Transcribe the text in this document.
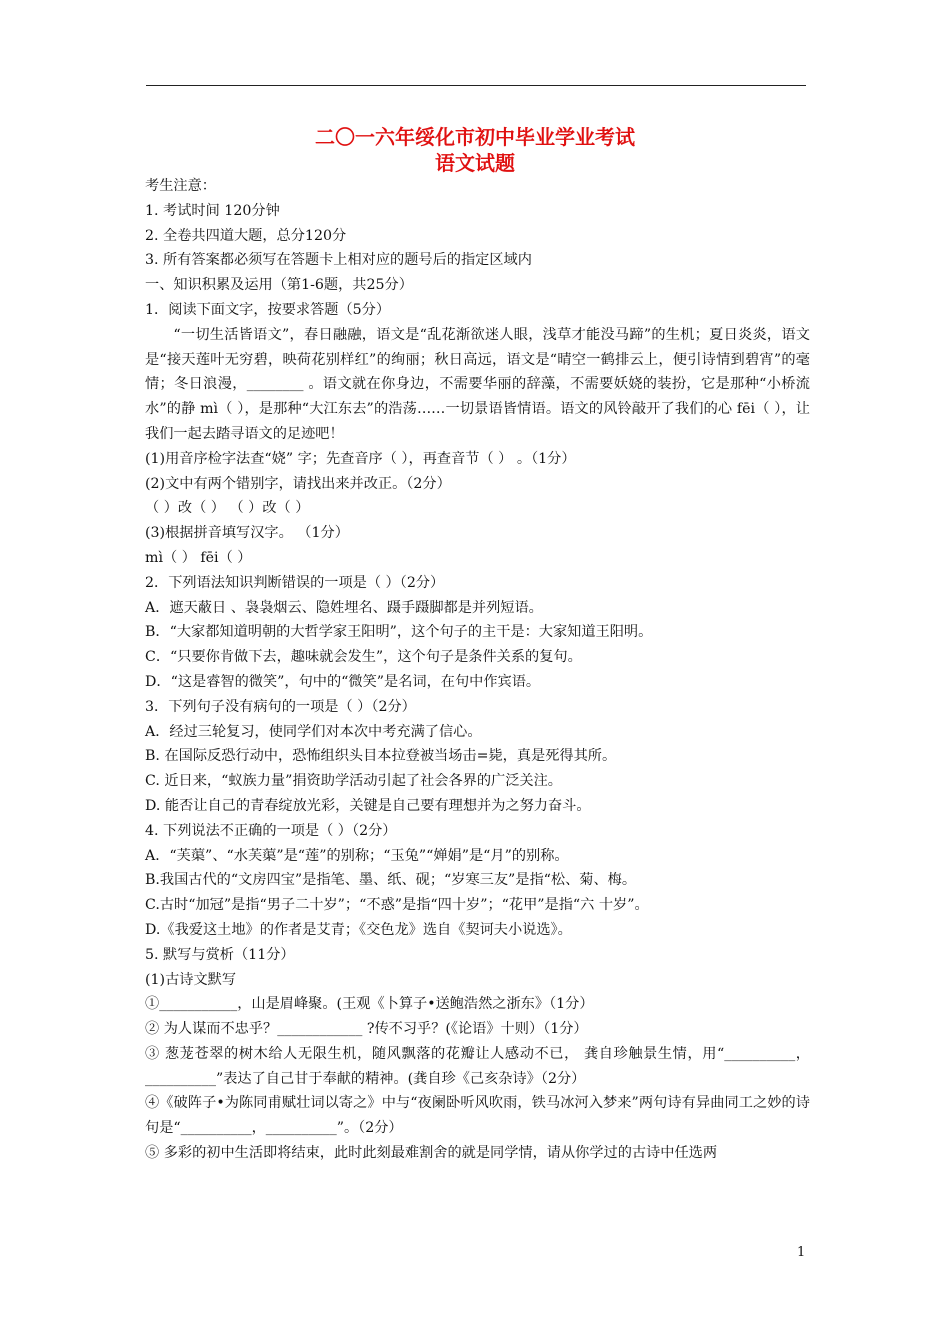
二〇一六年绥化市初中毕业学业考试
语文试题

考生注意：

1. 考试时间 120分钟

2. 全卷共四道大题，总分120分

3. 所有答案都必须写在答题卡上相对应的题号后的指定区域内

一、知识积累及运用（第1-6题，共25分）

1．阅读下面文字，按要求答题（5分）

“一切生活皆语文”，春日融融，语文是“乱花渐欲迷人眼，浅草才能没马蹄”的生机；夏日炎炎，语文是“接天莲叶无穷碧，映荷花别样红”的绚丽；秋日高远，语文是“晴空一鹤排云上，便引诗情到碧宵”的毫情；冬日浪漫，________ 。语文就在你身边，不需要华丽的辞藻，不需要妖娆的装扮，它是那种“小桥流水”的静 mì（ ），是那种“大江东去”的浩荡……一切景语皆情语。语文的风铃敲开了我们的心 fēi（ ），让我们一起去踏寻语文的足迹吧！

(1)用音序检字法查“娆” 字；先查音序（ ），再查音节（ ） 。（1分）

(2)文中有两个错别字，请找出来并改正。（2分）

（ ）改（ ） （ ）改（ ）

(3)根据拼音填写汉字。 （1分）

mì（ ） fēi（ ）

2．下列语法知识判断错误的一项是（ ）（2分）

A．遮天蔽日 、袅袅烟云、隐姓埋名、蹑手蹑脚都是并列短语。

B．“大家都知道明朝的大哲学家王阳明”，这个句子的主干是：大家知道王阳明。

C．“只要你肯做下去，趣味就会发生”，这个句子是条件关系的复句。

D．“这是睿智的微笑”，句中的“微笑”是名词，在句中作宾语。

3．下列句子没有病句的一项是（ ）（2分）

A．经过三轮复习，使同学们对本次中考充满了信心。

B. 在国际反恐行动中，恐怖组织头目本拉登被当场击=毙，真是死得其所。

C. 近日来，“蚁族力量”捐资助学活动引起了社会各界的广泛关注。

D. 能否让自己的青春绽放光彩，关键是自己要有理想并为之努力奋斗。

4. 下列说法不正确的一项是（ ）（2分）

A．“芙蕖”、“水芙蕖”是“莲”的别称；“玉兔”“婵娟”是“月”的别称。

B.我国古代的“文房四宝”是指笔、墨、纸、砚；“岁寒三友”是指“松、菊、梅。

C.古时“加冠”是指“男子二十岁”；“不惑”是指“四十岁”；“花甲”是指“六 十岁”。

D.《我爱这土地》的作者是艾青；《交色龙》选自《契诃夫小说选》。

5. 默写与赏析（11分）

(1)古诗文默写

①___________，山是眉峰聚。(王观《卜算子•送鲍浩然之浙东》（1分）

② 为人谋而不忠乎？____________ ?传不习乎？(《论语》十则）（1分）

③ 葱茏苍翠的树木给人无限生机，随风飘落的花瓣让人感动不已， 龚自珍触景生情，用“__________，__________”表达了自己甘于奉献的精神。(龚自珍《己亥杂诗》（2分）

④《破阵子•为陈同甫赋壮词以寄之》中与“夜阑卧听风吹雨，铁马冰河入梦来”两句诗有异曲同工之妙的诗句是“__________，__________”。（2分）

⑤ 多彩的初中生活即将结束，此时此刻最难割舍的就是同学情，请从你学过的古诗中任选两

1
